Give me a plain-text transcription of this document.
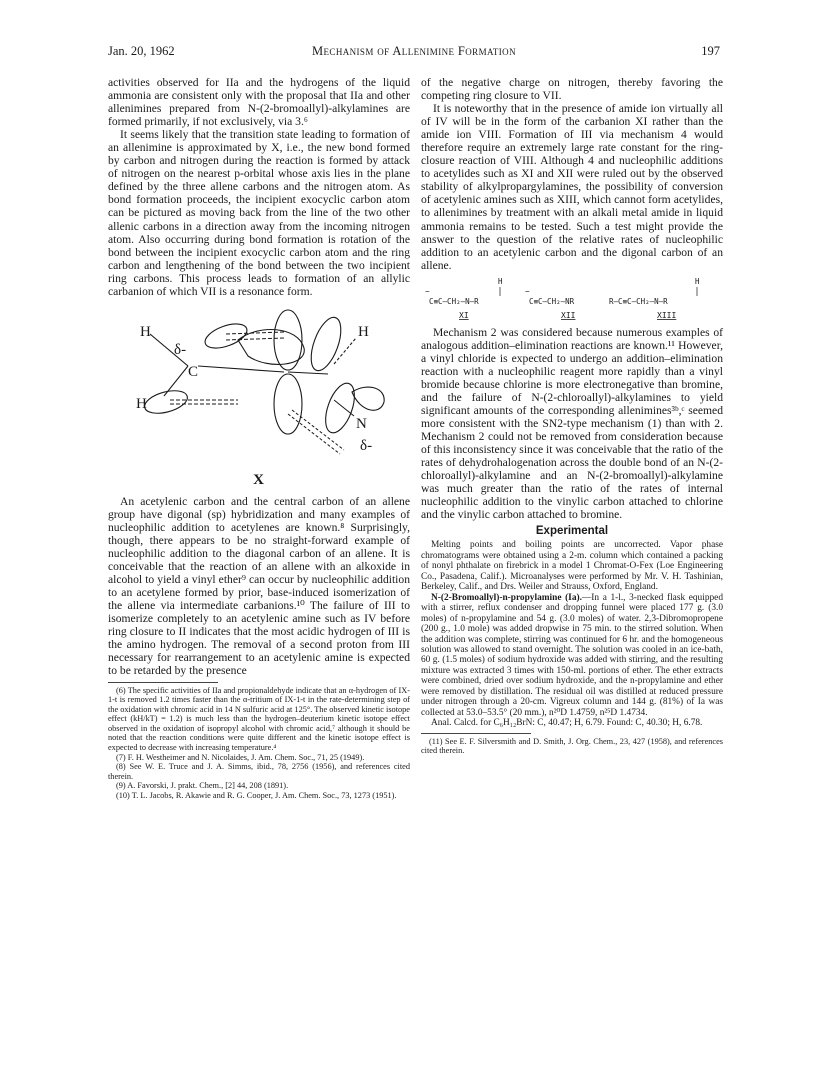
Jan. 20, 1962	Mechanism of Allenimine Formation	197

activities observed for IIa and the hydrogens of the liquid ammonia are consistent only with the proposal that IIa and other allenimines prepared from N-(2-bromoallyl)-alkylamines are formed primarily, if not exclusively, via 3.⁶

It seems likely that the transition state leading to formation of an allenimine is approximated by X, i.e., the new bond formed by carbon and nitrogen during the reaction is formed by attack of nitrogen on the nearest p-orbital whose axis lies in the plane defined by the three allene carbons and the nitrogen atom. As bond formation proceeds, the incipient exocyclic carbon atom can be pictured as moving back from the line of the two other allenic carbons in a direction away from the incoming nitrogen atom. Also occurring during bond formation is rotation of the bond between the incipient exocyclic carbon atom and the ring carbon and lengthening of the bond between the two incipient ring carbons. This process leads to formation of an allylic carbanion of which VII is a resonance form.

H
δ-
C
H
H
N
δ-
X

An acetylenic carbon and the central carbon of an allene group have digonal (sp) hybridization and many examples of nucleophilic addition to acetylenes are known.⁸ Surprisingly, though, there appears to be no straight-forward example of nucleophilic addition to the diagonal carbon of an allene. It is conceivable that the reaction of an allene with an alkoxide in alcohol to yield a vinyl ether⁹ can occur by nucleophilic addition to an acetylene formed by prior, base-induced isomerization of the allene via intermediate carbanions.¹⁰ The failure of III to isomerize completely to an acetylenic amine such as IV before ring closure to II indicates that the most acidic hydrogen of III is the amino hydrogen. The removal of a second proton from III necessary for rearrangement to an acetylenic amine is expected to be retarded by the presence

(6) The specific activities of IIa and propionaldehyde indicate that an α-hydrogen of IX-1-t is removed 1.2 times faster than the α-tritium of IX-1-t in the rate-determining step of the oxidation with chromic acid in 14 N sulfuric acid at 125°. The observed kinetic isotope effect (kH/kT) = 1.2) is much less than the hydrogen–deuterium kinetic isotope effect observed in the oxidation of isopropyl alcohol with chromic acid,⁷ although it should be noted that the reaction conditions were quite different and the kinetic isotope effect is expected to decrease with increasing temperature.⁴

(7) F. H. Westheimer and N. Nicolaides, J. Am. Chem. Soc., 71, 25 (1949).

(8) See W. E. Truce and J. A. Simms, ibid., 78, 2756 (1956), and references cited therein.

(9) A. Favorski, J. prakt. Chem., [2] 44, 208 (1891).

(10) T. L. Jacobs, R. Akawie and R. G. Cooper, J. Am. Chem. Soc., 73, 1273 (1951).

of the negative charge on nitrogen, thereby favoring the competing ring closure to VII.

It is noteworthy that in the presence of amide ion virtually all of IV will be in the form of the carbanion XI rather than the amide ion VIII. Formation of III via mechanism 4 would therefore require an extremely large rate constant for the ring-closure reaction of VIII. Although 4 and nucleophilic additions to acetylides such as XI and XII were ruled out by the observed stability of alkylpropargylamines, the possibility of conversion of acetylenic amines such as XIII, which cannot form acetylides, to allenimines by treatment with an alkali metal amide in liquid ammonia remains to be tested. Such a test might provide the answer to the question of the relative rates of nucleophilic addition to an acetylenic carbon and the digonal carbon of an allene.

−
C≡C–CH₂–N–R
H
−
C≡C–CH₂–NR	R–C≡C–CH₂–N–R
H
XI	XII	XIII

Mechanism 2 was considered because numerous examples of analogous addition–elimination reactions are known.¹¹ However, a vinyl chloride is expected to undergo an addition–elimination reaction with a nucleophilic reagent more rapidly than a vinyl bromide because chlorine is more electronegative than bromine, and the failure of N-(2-chloroallyl)-alkylamines to yield significant amounts of the corresponding allenimines³ᵇ,ᶜ seemed more consistent with the SN2-type mechanism (1) than with 2. Mechanism 2 could not be removed from consideration because of this inconsistency since it was conceivable that the ratio of the rates of dehydrohalogenation across the double bond of an N-(2-chloroallyl)-alkylamine and an N-(2-bromoallyl)-alkylamine was much greater than the ratio of the rates of internal nucleophilic addition to the vinylic carbon attached to chlorine and the vinylic carbon attached to bromine.

Experimental

Melting points and boiling points are uncorrected. Vapor phase chromatograms were obtained using a 2-m. column which contained a packing of nonyl phthalate on firebrick in a model 1 Chromat-O-Fex (Loe Engineering Co., Pasadena, Calif.). Microanalyses were performed by Mr. V. H. Tashinian, Berkeley, Calif., and Drs. Weiler and Strauss, Oxford, England.

N-(2-Bromoallyl)-n-propylamine (Ia).—In a 1-l., 3-necked flask equipped with a stirrer, reflux condenser and dropping funnel were placed 177 g. (3.0 moles) of n-propylamine and 54 g. (3.0 moles) of water. 2,3-Dibromopropene (200 g., 1.0 mole) was added dropwise in 75 min. to the stirred solution. When the addition was complete, stirring was continued for 6 hr. and the homogeneous solution was allowed to stand overnight. The solution was cooled in an ice-bath, 60 g. (1.5 moles) of sodium hydroxide was added with stirring, and the resulting mixture was extracted 3 times with 150-ml. portions of ether. The ether extracts were combined, dried over sodium hydroxide, and the n-propylamine and ether were removed by distillation. The residual oil was distilled at reduced pressure under nitrogen through a 20-cm. Vigreux column and 144 g. (81%) of Ia was collected at 53.0–53.5° (20 mm.), n²⁰D 1.4759, n²⁵D 1.4734.

Anal. Calcd. for C₆H₁₂BrN: C, 40.47; H, 6.79. Found: C, 40.30; H, 6.78.

(11) See E. F. Silversmith and D. Smith, J. Org. Chem., 23, 427 (1958), and references cited therein.
